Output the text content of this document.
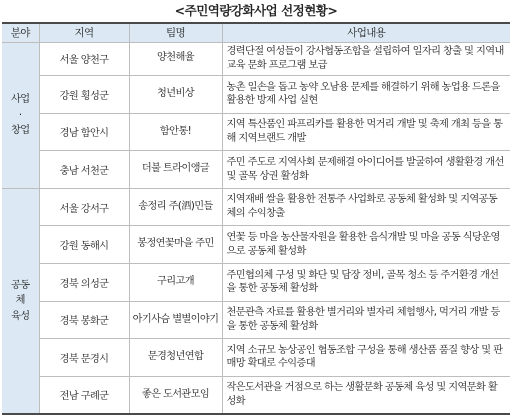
<주민역량강화사업 선정현황>
분야	지역	팀명	사업내용

사업
·
창업	서울 양천구	양천해율	경력단절 여성들이 강사협동조합을 설립하여 일자리 창출 및 지역내 교육 문화 프로그램 보급
	강원 횡성군	청년비상	농촌 일손을 돕고 농약 오남용 문제를 해결하기 위해 농업용 드론을 활용한 방제 사업 실현
	경남 함안시	함안통!	지역 특산품인 파프리카를 활용한 먹거리 개발 및 축제 개최 등을 통해 지역브랜드 개발
	충남 서천군	더불 트라이앵글	주민 주도로 지역사회 문제해결 아이디어를 발굴하여 생활환경 개선 및 골목 상권 활성화

공동
체
육성	서울 강서구	송정리 주(酒)민들	지역재배 쌀을 활용한 전통주 사업화로 공동체 활성화 및 지역공동체의 수익창출
	강원 동해시	봉정연꽃마을 주민	연꽃 등 마을 농산물자원을 활용한 음식개발 및 마을 공동 식당운영으로 공동체 활성화
	경북 의성군	구리고개	주민협의체 구성 및 화단 및 담장 정비, 골목 청소 등 주거환경 개선을 통한 공동체 활성화
	경북 봉화군	아기사슴 별별이야기	천문관측 자료를 활용한 별거리와 별자리 체험행사, 먹거리 개발 등을 통한 공동체 활성화
	경북 문경시	문경청년연합	지역 소규모 농상공인 협동조합 구성을 통해 생산품 품질 향상 및 판매망 확대로 수익증대
	전남 구례군	좋은 도서관모임	작은도서관을 거점으로 하는 생활문화 공동체 육성 및 지역문화 활성화
